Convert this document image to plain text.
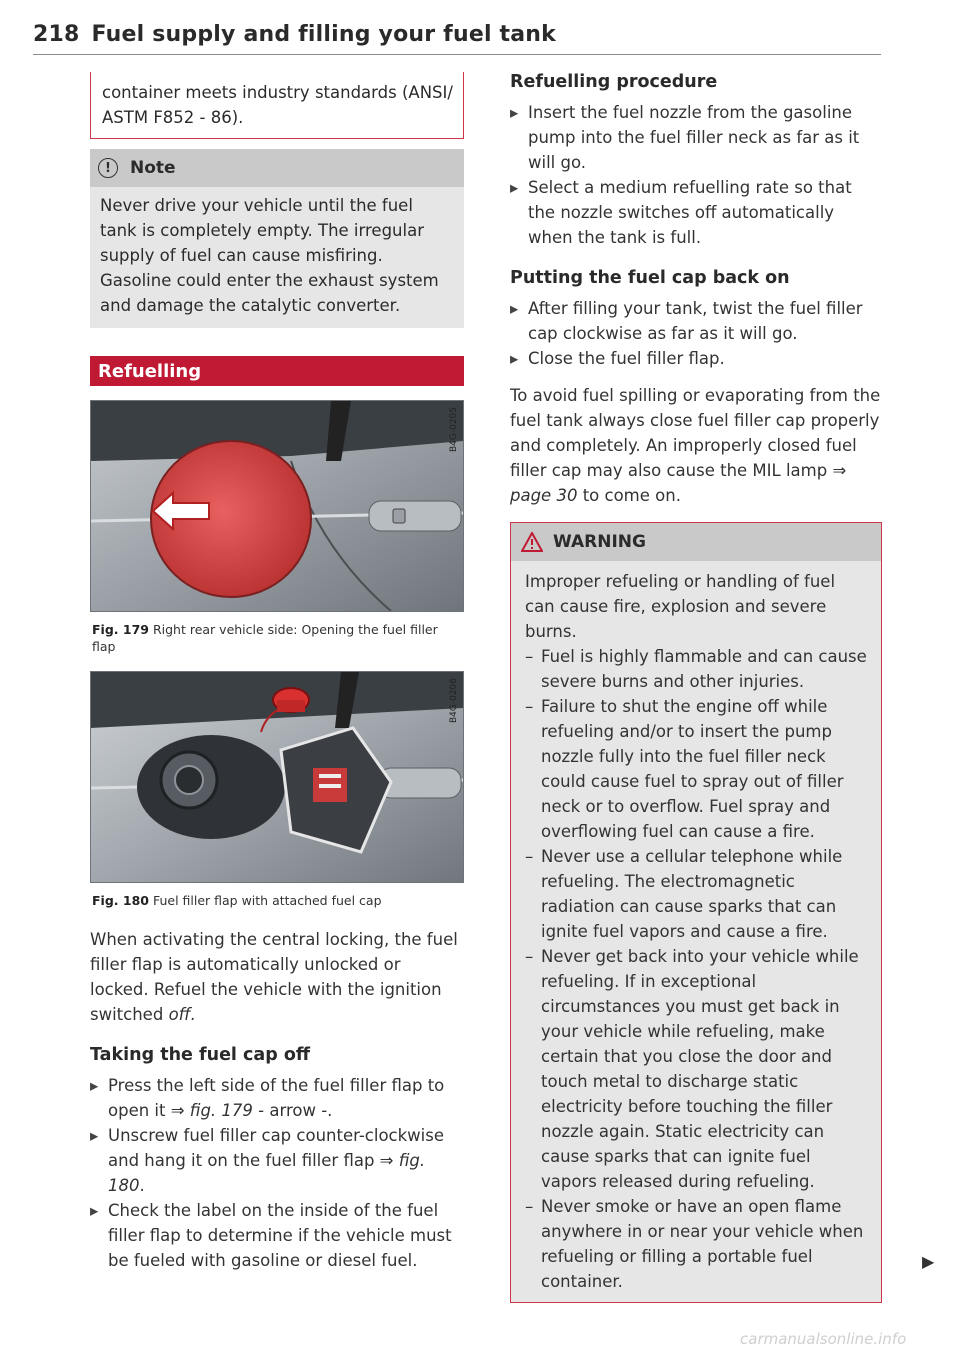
218 Fuel supply and filling your fuel tank
container meets industry standards (ANSI/ ASTM F852 - 86).
!	Note
Never drive your vehicle until the fuel tank is completely empty. The irregular supply of fuel can cause misfiring. Gasoline could enter the exhaust system and damage the catalytic converter.
Refuelling
B4G-0205
Fig. 179 Right rear vehicle side: Opening the fuel filler flap
B4G-0206
Fig. 180 Fuel filler flap with attached fuel cap

When activating the central locking, the fuel filler flap is automatically unlocked or locked. Refuel the vehicle with the ignition switched off.

Taking the fuel cap off
▸ Press the left side of the fuel filler flap to open it ⇒ fig. 179 - arrow -.
▸ Unscrew fuel filler cap counter-clockwise and hang it on the fuel filler flap ⇒ fig. 180.
▸ Check the label on the inside of the fuel filler flap to determine if the vehicle must be fueled with gasoline or diesel fuel.
Refuelling procedure
▸ Insert the fuel nozzle from the gasoline pump into the fuel filler neck as far as it will go.
▸ Select a medium refuelling rate so that the nozzle switches off automatically when the tank is full.
Putting the fuel cap back on
▸ After filling your tank, twist the fuel filler cap clockwise as far as it will go.
▸ Close the fuel filler flap.

To avoid fuel spilling or evaporating from the fuel tank always close fuel filler cap properly and completely. An improperly closed fuel filler cap may also cause the MIL lamp ⇒ page 30 to come on.

WARNING

Improper refueling or handling of fuel can cause fire, explosion and severe burns.

– Fuel is highly flammable and can cause severe burns and other injuries.
– Failure to shut the engine off while refueling and/or to insert the pump nozzle fully into the fuel filler neck could cause fuel to spray out of filler neck or to overflow. Fuel spray and overflowing fuel can cause a fire.
– Never use a cellular telephone while refueling. The electromagnetic radiation can cause sparks that can ignite fuel vapors and cause a fire.
– Never get back into your vehicle while refueling. If in exceptional circumstances you must get back in your vehicle while refueling, make certain that you close the door and touch metal to discharge static electricity before touching the filler nozzle again. Static electricity can cause sparks that can ignite fuel vapors released during refueling.
– Never smoke or have an open flame anywhere in or near your vehicle when refueling or filling a portable fuel container.
▶
carmanualsonline.info
